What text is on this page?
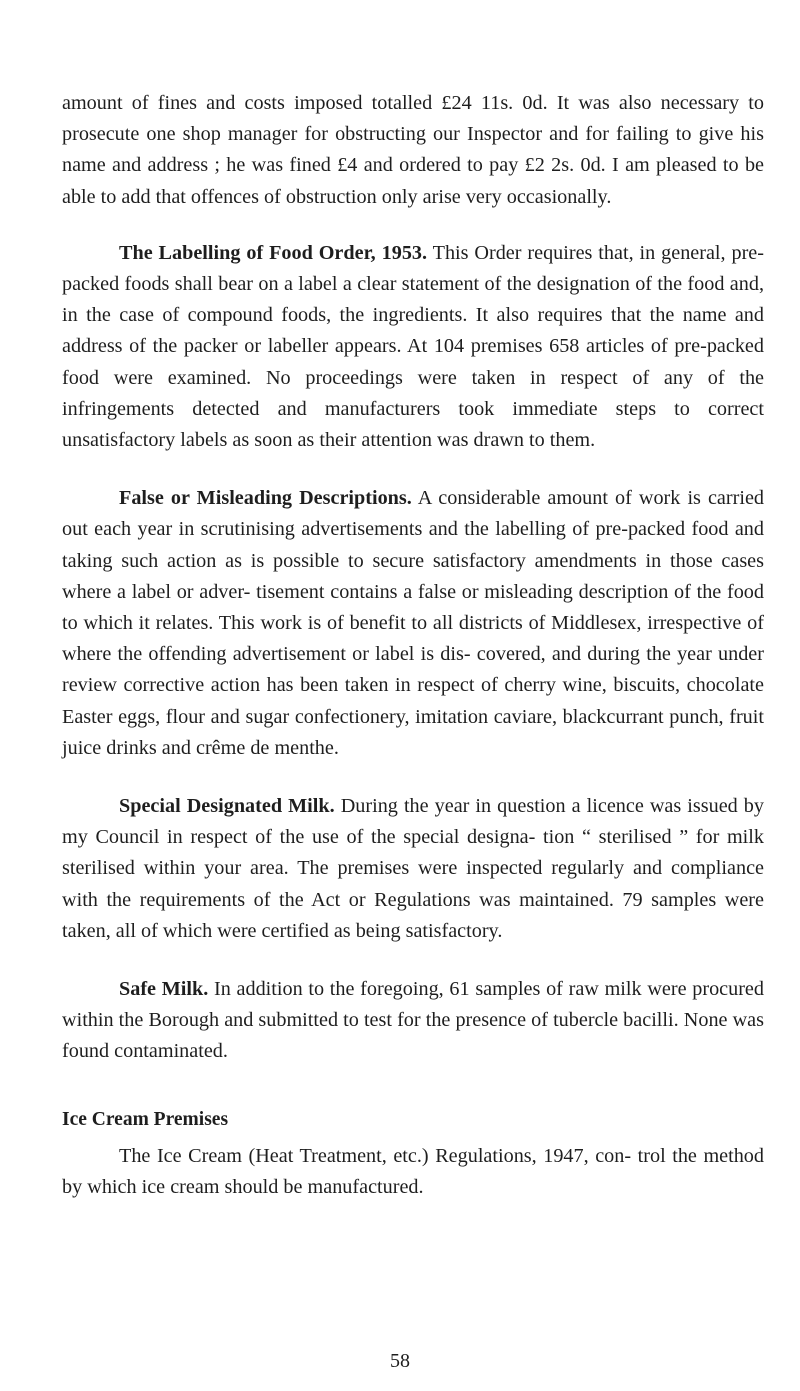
amount of fines and costs imposed totalled £24 11s. 0d. It was also necessary to prosecute one shop manager for obstructing our Inspector and for failing to give his name and address ; he was fined £4 and ordered to pay £2 2s. 0d. I am pleased to be able to add that offences of obstruction only arise very occasionally.

The Labelling of Food Order, 1953. This Order requires that, in general, pre-packed foods shall bear on a label a clear statement of the designation of the food and, in the case of compound foods, the ingredients. It also requires that the name and address of the packer or labeller appears. At 104 premises 658 articles of pre-packed food were examined. No proceedings were taken in respect of any of the infringements detected and manufacturers took immediate steps to correct unsatisfactory labels as soon as their attention was drawn to them.

False or Misleading Descriptions. A considerable amount of work is carried out each year in scrutinising advertisements and the labelling of pre-packed food and taking such action as is possible to secure satisfactory amendments in those cases where a label or adver- tisement contains a false or misleading description of the food to which it relates. This work is of benefit to all districts of Middlesex, irrespective of where the offending advertisement or label is dis- covered, and during the year under review corrective action has been taken in respect of cherry wine, biscuits, chocolate Easter eggs, flour and sugar confectionery, imitation caviare, blackcurrant punch, fruit juice drinks and crême de menthe.

Special Designated Milk. During the year in question a licence was issued by my Council in respect of the use of the special designa- tion “ sterilised ” for milk sterilised within your area. The premises were inspected regularly and compliance with the requirements of the Act or Regulations was maintained. 79 samples were taken, all of which were certified as being satisfactory.

Safe Milk. In addition to the foregoing, 61 samples of raw milk were procured within the Borough and submitted to test for the presence of tubercle bacilli. None was found contaminated.

Ice Cream Premises

The Ice Cream (Heat Treatment, etc.) Regulations, 1947, con- trol the method by which ice cream should be manufactured.

58
